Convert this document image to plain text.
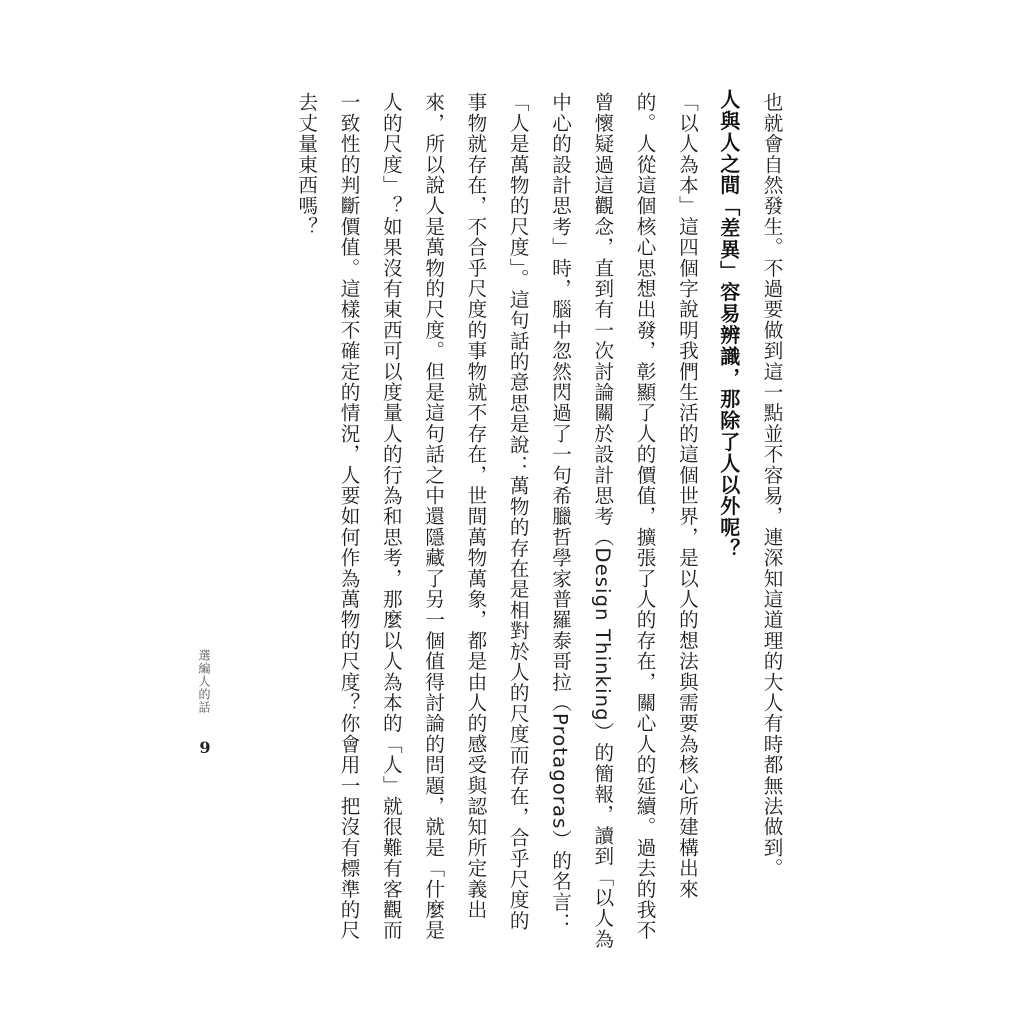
也就會自然發生。不過要做到這一點並不容易，連深知這道理的大人有時都無法做到。
人與人之間「差異」容易辨識，那除了人以外呢？
「以人為本」這四個字說明我們生活的這個世界，是以人的想法與需要為核心所建構出來
的。人從這個核心思想出發，彰顯了人的價值，擴張了人的存在，關心人的延續。過去的我不
曾懷疑過這觀念，直到有一次討論關於設計思考（Design Thinking）的簡報，讀到「以人為
中心的設計思考」時，腦中忽然閃過了一句希臘哲學家普羅泰哥拉（Protagoras）的名言：
「人是萬物的尺度」。這句話的意思是說：萬物的存在是相對於人的尺度而存在，合乎尺度的
事物就存在，不合乎尺度的事物就不存在，世間萬物萬象，都是由人的感受與認知所定義出
來，所以說人是萬物的尺度。但是這句話之中還隱藏了另一個值得討論的問題，就是「什麼是
人的尺度」？如果沒有東西可以度量人的行為和思考，那麼以人為本的「人」就很難有客觀而
一致性的判斷價值。這樣不確定的情況，人要如何作為萬物的尺度？你會用一把沒有標準的尺
去丈量東西嗎？
選編人的話
9
